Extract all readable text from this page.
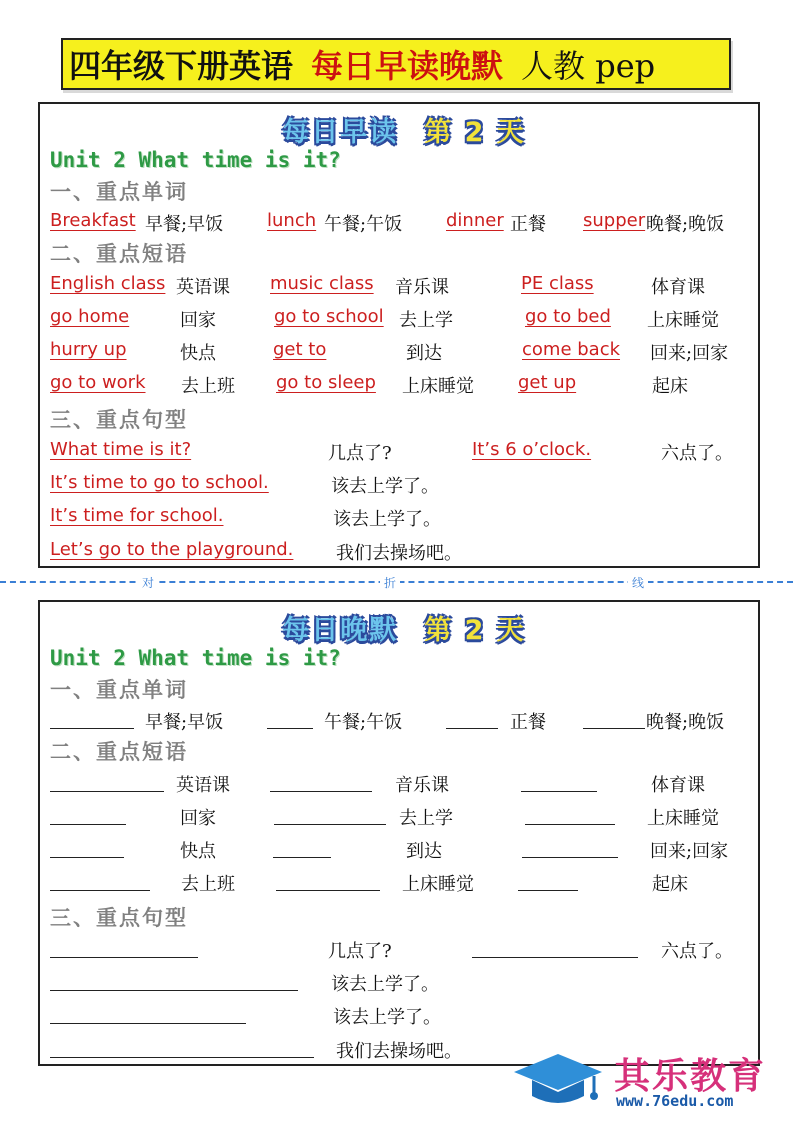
四年级下册英语 每日早读晚默 人教 pep
每日早读 第 2 天
Unit 2 What time is it?
一、重点单词
Breakfast 早餐;早饭 lunch 午餐;午饭 dinner 正餐 supper 晚餐;晚饭
二、重点短语
English class 英语课 music class 音乐课	PE class	体育课
go home	回家	go to school 去上学	go to bed 上床睡觉
hurry up	快点	get to	到达	come back 回来;回家
go to work 去上班 go to sleep 上床睡觉 get up	起床
三、重点句型
What time is it?	几点了?	It’s 6 o’clock.	六点了。
It’s time to go to school.	该去上学了。
It’s time for school.	该去上学了。
Let’s go to the playground. 我们去操场吧。
对	折	线
每日晚默 第 2 天
Unit 2 What time is it?
一、重点单词
早餐;早饭	午餐;午饭	正餐	晚餐;晚饭
二、重点短语
英语课	音乐课	体育课
回家	去上学	上床睡觉
快点	到达	回来;回家
去上班	上床睡觉	起床
三、重点句型
几点了?	六点了。
该去上学了。
该去上学了。
我们去操场吧。
其乐教育
www.76edu.com
